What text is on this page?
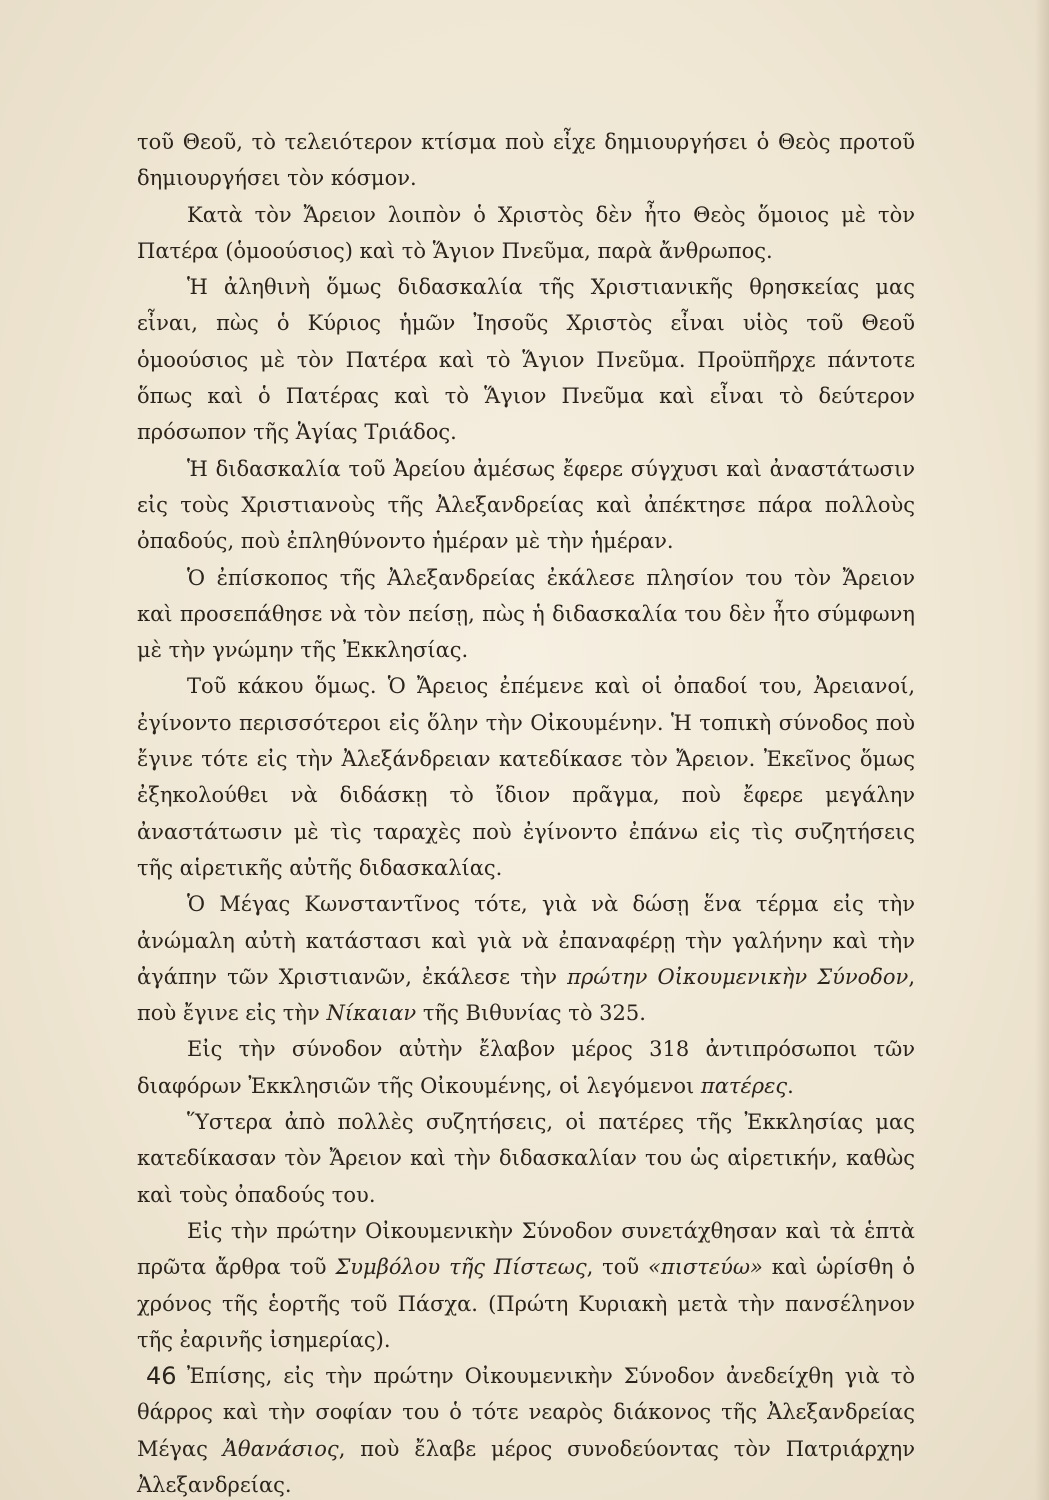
τοῦ Θεοῦ, τὸ τελειότερον κτίσμα ποὺ εἶχε δημιουργήσει ὁ Θεὸς προτοῦ δημιουργήσει τὸν κόσμον.

Κατὰ τὸν Ἄρειον λοιπὸν ὁ Χριστὸς δὲν ἦτο Θεὸς ὅμοιος μὲ τὸν Πατέρα (ὁμοούσιος) καὶ τὸ Ἅγιον Πνεῦμα, παρὰ ἄνθρωπος.

Ἡ ἀληθινὴ ὅμως διδασκαλία τῆς Χριστιανικῆς θρησκείας μας εἶναι, πὼς ὁ Κύριος ἡμῶν Ἰησοῦς Χριστὸς εἶναι υἱὸς τοῦ Θεοῦ ὁμοούσιος μὲ τὸν Πατέρα καὶ τὸ Ἅγιον Πνεῦμα. Προϋπῆρχε πάντοτε ὅπως καὶ ὁ Πατέρας καὶ τὸ Ἅγιον Πνεῦμα καὶ εἶναι τὸ δεύτερον πρόσωπον τῆς Ἁγίας Τριάδος.

Ἡ διδασκαλία τοῦ Ἀρείου ἀμέσως ἔφερε σύγχυσι καὶ ἀναστάτωσιν εἰς τοὺς Χριστιανοὺς τῆς Ἀλεξανδρείας καὶ ἀπέκτησε πάρα πολλοὺς ὀπαδούς, ποὺ ἐπληθύνοντο ἡμέραν μὲ τὴν ἡμέραν.

Ὁ ἐπίσκοπος τῆς Ἀλεξανδρείας ἐκάλεσε πλησίον του τὸν Ἄρειον καὶ προσεπάθησε νὰ τὸν πείσῃ, πὼς ἡ διδασκαλία του δὲν ἦτο σύμφωνη μὲ τὴν γνώμην τῆς Ἐκκλησίας.

Τοῦ κάκου ὅμως. Ὁ Ἄρειος ἐπέμενε καὶ οἱ ὀπαδοί του, Ἀρειανοί, ἐγίνοντο περισσότεροι εἰς ὅλην τὴν Οἰκουμένην. Ἡ τοπικὴ σύνοδος ποὺ ἔγινε τότε εἰς τὴν Ἀλεξάνδρειαν κατεδίκασε τὸν Ἄρειον. Ἐκεῖνος ὅμως ἐξηκολούθει νὰ διδάσκῃ τὸ ἴδιον πρᾶγμα, ποὺ ἔφερε μεγάλην ἀναστάτωσιν μὲ τὶς ταραχὲς ποὺ ἐγίνοντο ἐπάνω εἰς τὶς συζητήσεις τῆς αἱρετικῆς αὐτῆς διδασκαλίας.

Ὁ Μέγας Κωνσταντῖνος τότε, γιὰ νὰ δώσῃ ἕνα τέρμα εἰς τὴν ἀνώμαλη αὐτὴ κατάστασι καὶ γιὰ νὰ ἐπαναφέρῃ τὴν γαλήνην καὶ τὴν ἀγάπην τῶν Χριστιανῶν, ἐκάλεσε τὴν πρώτην Οἰκουμενικὴν Σύνοδον, ποὺ ἔγινε εἰς τὴν Νίκαιαν τῆς Βιθυνίας τὸ 325.

Εἰς τὴν σύνοδον αὐτὴν ἔλαβον μέρος 318 ἀντιπρόσωποι τῶν διαφόρων Ἐκκλησιῶν τῆς Οἰκουμένης, οἱ λεγόμενοι πατέρες.

Ὕστερα ἀπὸ πολλὲς συζητήσεις, οἱ πατέρες τῆς Ἐκκλησίας μας κατεδίκασαν τὸν Ἄρειον καὶ τὴν διδασκαλίαν του ὡς αἱρετικήν, καθὼς καὶ τοὺς ὀπαδούς του.

Εἰς τὴν πρώτην Οἰκουμενικὴν Σύνοδον συνετάχθησαν καὶ τὰ ἑπτὰ πρῶτα ἄρθρα τοῦ Συμβόλου τῆς Πίστεως, τοῦ «πιστεύω» καὶ ὡρίσθη ὁ χρόνος τῆς ἑορτῆς τοῦ Πάσχα. (Πρώτη Κυριακὴ μετὰ τὴν πανσέληνον τῆς ἐαρινῆς ἰσημερίας).

Ἐπίσης, εἰς τὴν πρώτην Οἰκουμενικὴν Σύνοδον ἀνεδείχθη γιὰ τὸ θάρρος καὶ τὴν σοφίαν του ὁ τότε νεαρὸς διάκονος τῆς Ἀλεξανδρείας Μέγας Ἀθανάσιος, ποὺ ἔλαβε μέρος συνοδεύοντας τὸν Πατριάρχην Ἀλεξανδρείας.

46
